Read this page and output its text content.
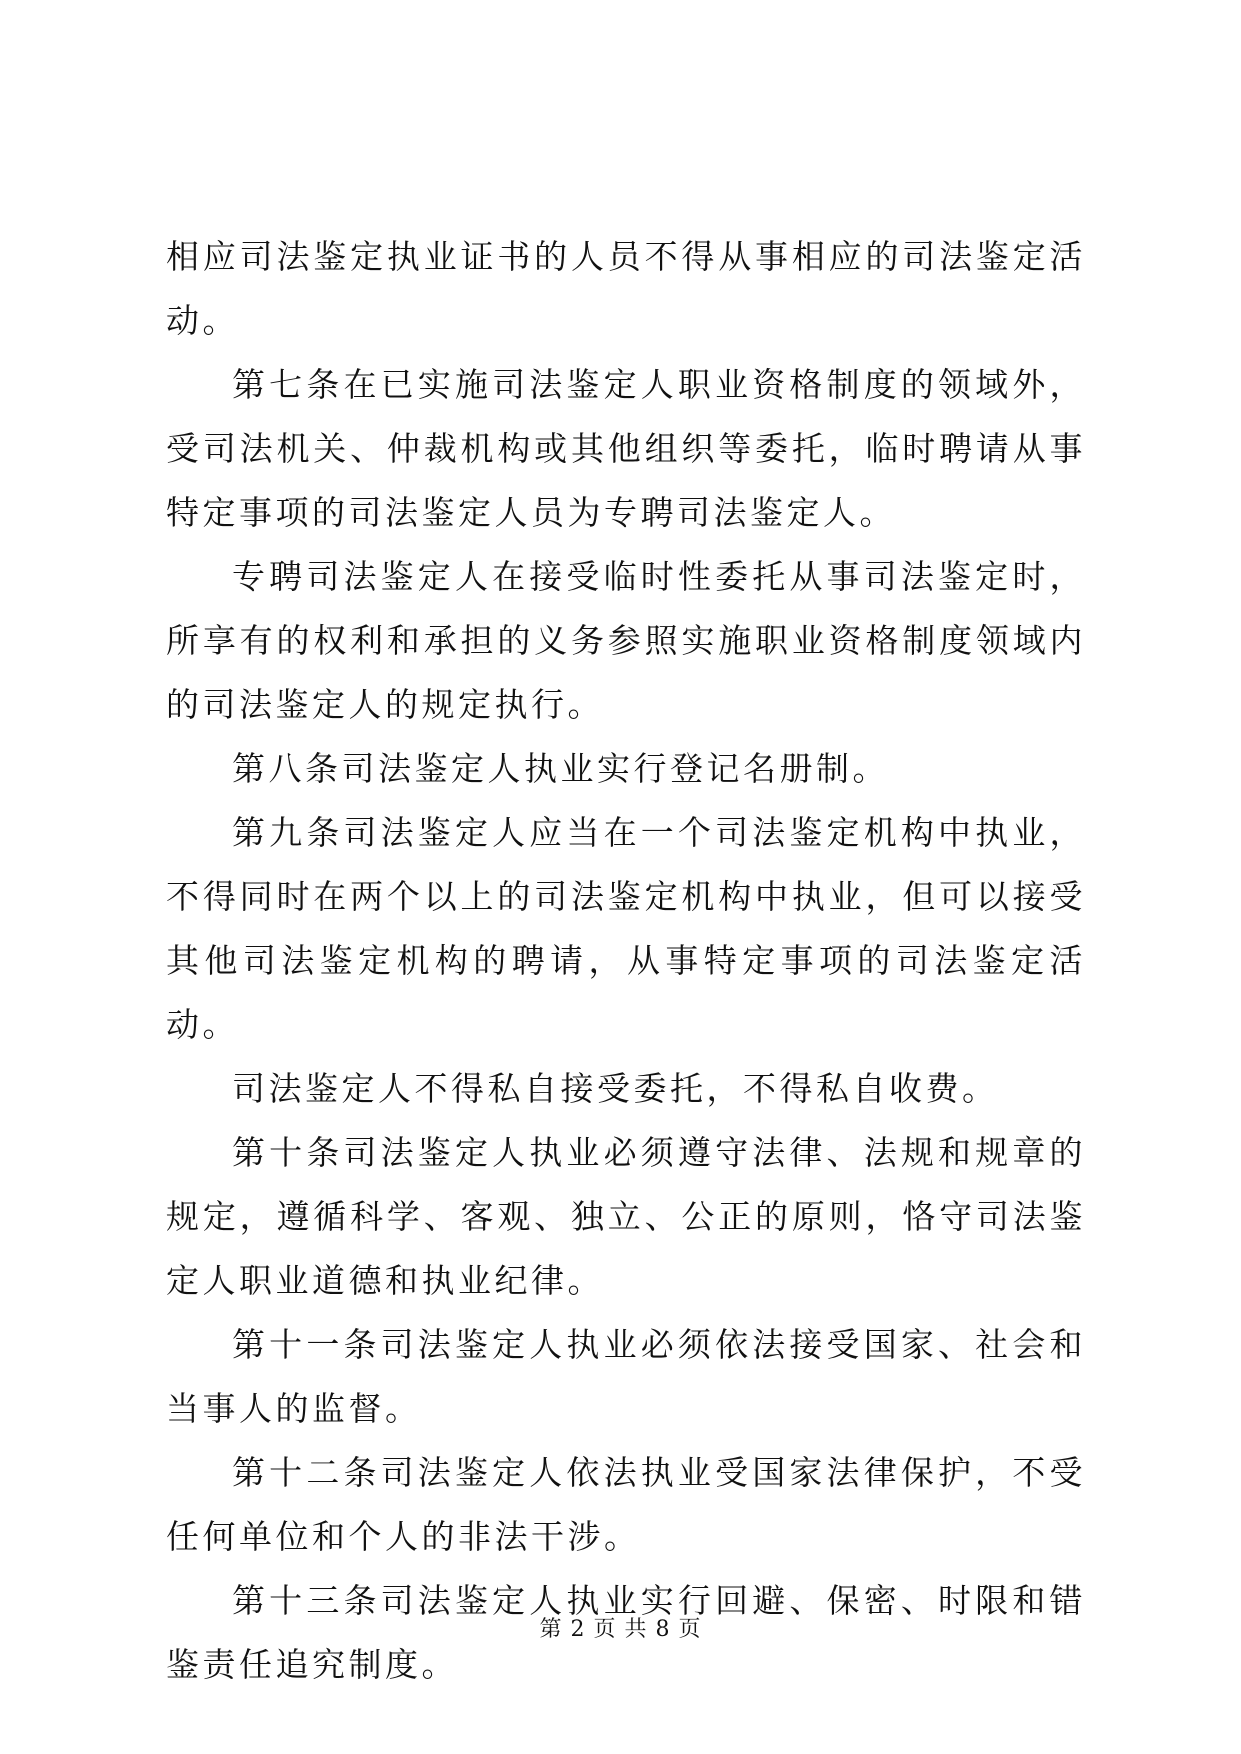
相应司法鉴定执业证书的人员不得从事相应的司法鉴定活动。

第七条在已实施司法鉴定人职业资格制度的领域外，受司法机关、仲裁机构或其他组织等委托，临时聘请从事特定事项的司法鉴定人员为专聘司法鉴定人。

专聘司法鉴定人在接受临时性委托从事司法鉴定时，所享有的权利和承担的义务参照实施职业资格制度领域内的司法鉴定人的规定执行。

第八条司法鉴定人执业实行登记名册制。

第九条司法鉴定人应当在一个司法鉴定机构中执业，不得同时在两个以上的司法鉴定机构中执业，但可以接受其他司法鉴定机构的聘请，从事特定事项的司法鉴定活动。

司法鉴定人不得私自接受委托，不得私自收费。

第十条司法鉴定人执业必须遵守法律、法规和规章的规定，遵循科学、客观、独立、公正的原则，恪守司法鉴定人职业道德和执业纪律。

第十一条司法鉴定人执业必须依法接受国家、社会和当事人的监督。

第十二条司法鉴定人依法执业受国家法律保护，不受任何单位和个人的非法干涉。

第十三条司法鉴定人执业实行回避、保密、时限和错鉴责任追究制度。

第 2 页 共 8 页
